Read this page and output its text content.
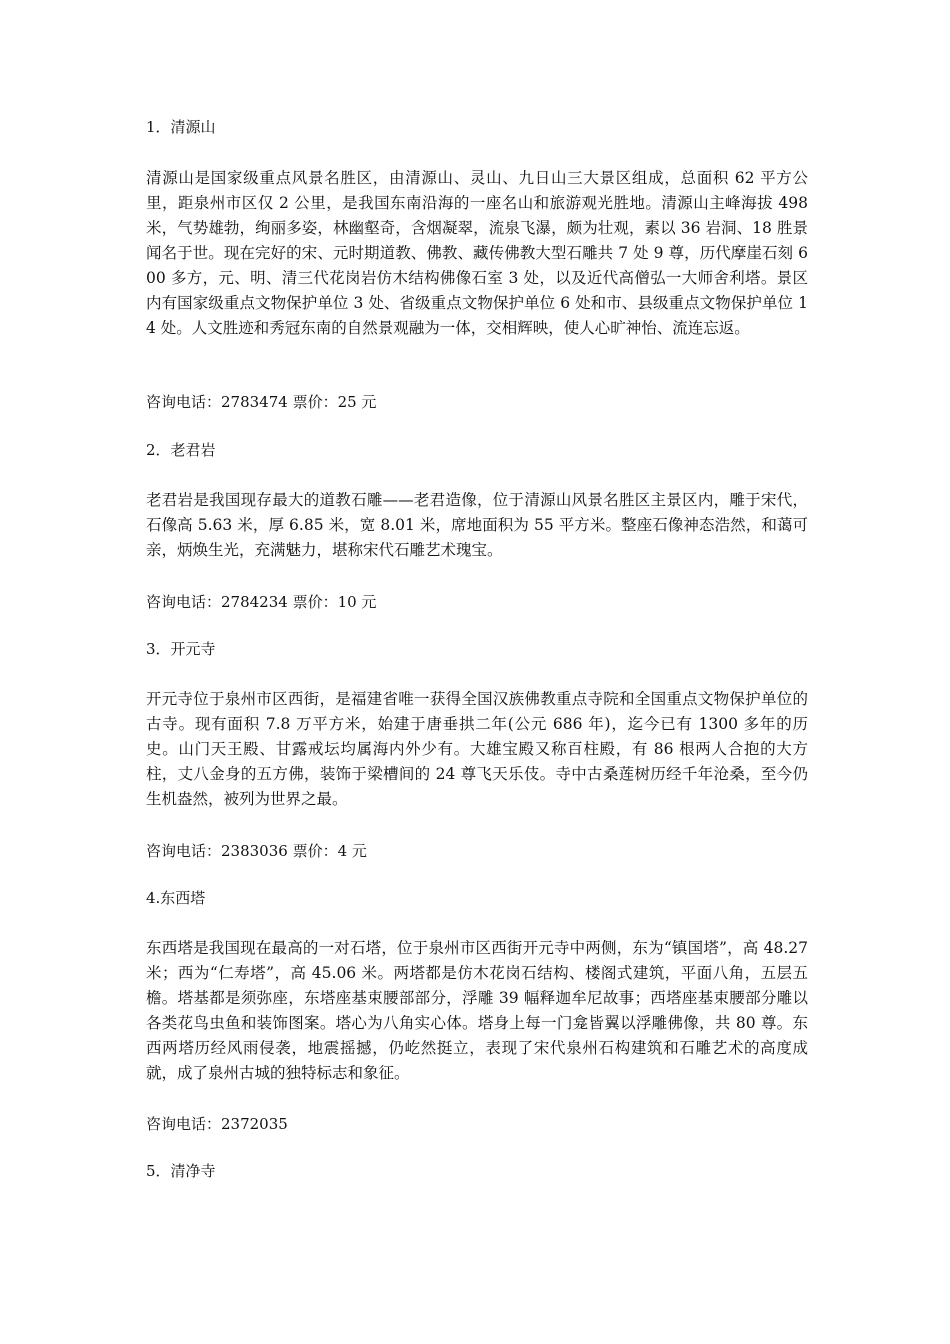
1．清源山
清源山是国家级重点风景名胜区，由清源山、灵山、九日山三大景区组成，总面积 62 平方公里，距泉州市区仅 2 公里，是我国东南沿海的一座名山和旅游观光胜地。清源山主峰海拔 498 米，气势雄勃，绚丽多姿，林幽壑奇，含烟凝翠，流泉飞瀑，颇为壮观，素以 36 岩洞、18 胜景闻名于世。现在完好的宋、元时期道教、佛教、藏传佛教大型石雕共 7 处 9 尊，历代摩崖石刻 600 多方，元、明、清三代花岗岩仿木结构佛像石室 3 处，以及近代高僧弘一大师舍利塔。景区内有国家级重点文物保护单位 3 处、省级重点文物保护单位 6 处和市、县级重点文物保护单位 14 处。人文胜迹和秀冠东南的自然景观融为一体，交相辉映，使人心旷神怡、流连忘返。
咨询电话：2783474 票价：25 元
2．老君岩
老君岩是我国现存最大的道教石雕——老君造像，位于清源山风景名胜区主景区内，雕于宋代，石像高 5.63 米，厚 6.85 米，宽 8.01 米，席地面积为 55 平方米。整座石像神态浩然，和蔼可亲，炳焕生光，充满魅力，堪称宋代石雕艺术瑰宝。
咨询电话：2784234 票价：10 元
3．开元寺
开元寺位于泉州市区西街，是福建省唯一获得全国汉族佛教重点寺院和全国重点文物保护单位的古寺。现有面积 7.8 万平方米，始建于唐垂拱二年(公元 686 年)，迄今已有 1300 多年的历史。山门天王殿、甘露戒坛均属海内外少有。大雄宝殿又称百柱殿，有 86 根两人合抱的大方柱，丈八金身的五方佛，装饰于梁槽间的 24 尊飞天乐伎。寺中古桑莲树历经千年沧桑，至今仍生机盎然，被列为世界之最。
咨询电话：2383036 票价：4 元
4.东西塔
东西塔是我国现在最高的一对石塔，位于泉州市区西街开元寺中两侧，东为“镇国塔”，高 48.27 米；西为“仁寿塔”，高 45.06 米。两塔都是仿木花岗石结构、楼阁式建筑，平面八角，五层五檐。塔基都是须弥座，东塔座基束腰部部分，浮雕 39 幅释迦牟尼故事；西塔座基束腰部分雕以各类花鸟虫鱼和装饰图案。塔心为八角实心体。塔身上每一门龛皆翼以浮雕佛像，共 80 尊。东西两塔历经风雨侵袭，地震摇撼，仍屹然挺立，表现了宋代泉州石构建筑和石雕艺术的高度成就，成了泉州古城的独特标志和象征。
咨询电话：2372035
5．清净寺
